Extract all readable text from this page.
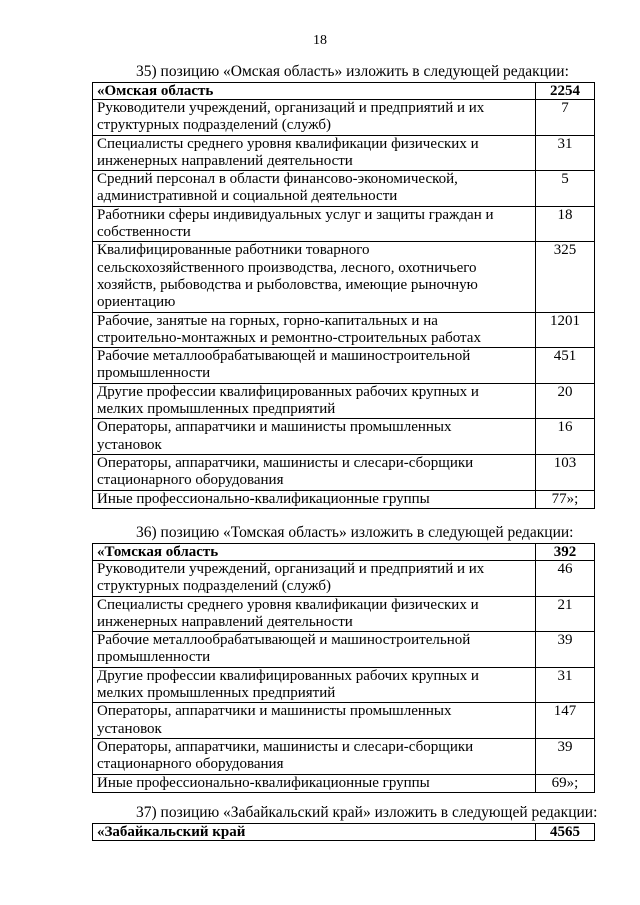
18
35) позицию «Омская область» изложить в следующей редакции:
«Омская область	2254

Руководители учреждений, организаций и предприятий и их
структурных подразделений (служб)	7

Специалисты среднего уровня квалификации физических и
инженерных направлений деятельности	31

Средний персонал в области финансово-экономической,
административной и социальной деятельности	5

Работники сферы индивидуальных услуг и защиты граждан и
собственности	18

Квалифицированные работники товарного
сельскохозяйственного производства, лесного, охотничьего
хозяйств, рыбоводства и рыболовства, имеющие рыночную
ориентацию	325

Рабочие, занятые на горных, горно-капитальных и на
строительно-монтажных и ремонтно-строительных работах	1201

Рабочие металлообрабатывающей и машиностроительной
промышленности	451

Другие профессии квалифицированных рабочих крупных и
мелких промышленных предприятий	20

Операторы, аппаратчики и машинисты промышленных
установок	16

Операторы, аппаратчики, машинисты и слесари-сборщики
стационарного оборудования	103

Иные профессионально-квалификационные группы	77»;
36) позицию «Томская область» изложить в следующей редакции:
«Томская область	392

Руководители учреждений, организаций и предприятий и их
структурных подразделений (служб)	46

Специалисты среднего уровня квалификации физических и
инженерных направлений деятельности	21

Рабочие металлообрабатывающей и машиностроительной
промышленности	39

Другие профессии квалифицированных рабочих крупных и
мелких промышленных предприятий	31

Операторы, аппаратчики и машинисты промышленных
установок	147

Операторы, аппаратчики, машинисты и слесари-сборщики
стационарного оборудования	39

Иные профессионально-квалификационные группы	69»;
37) позицию «Забайкальский край» изложить в следующей редакции:
«Забайкальский край	4565
